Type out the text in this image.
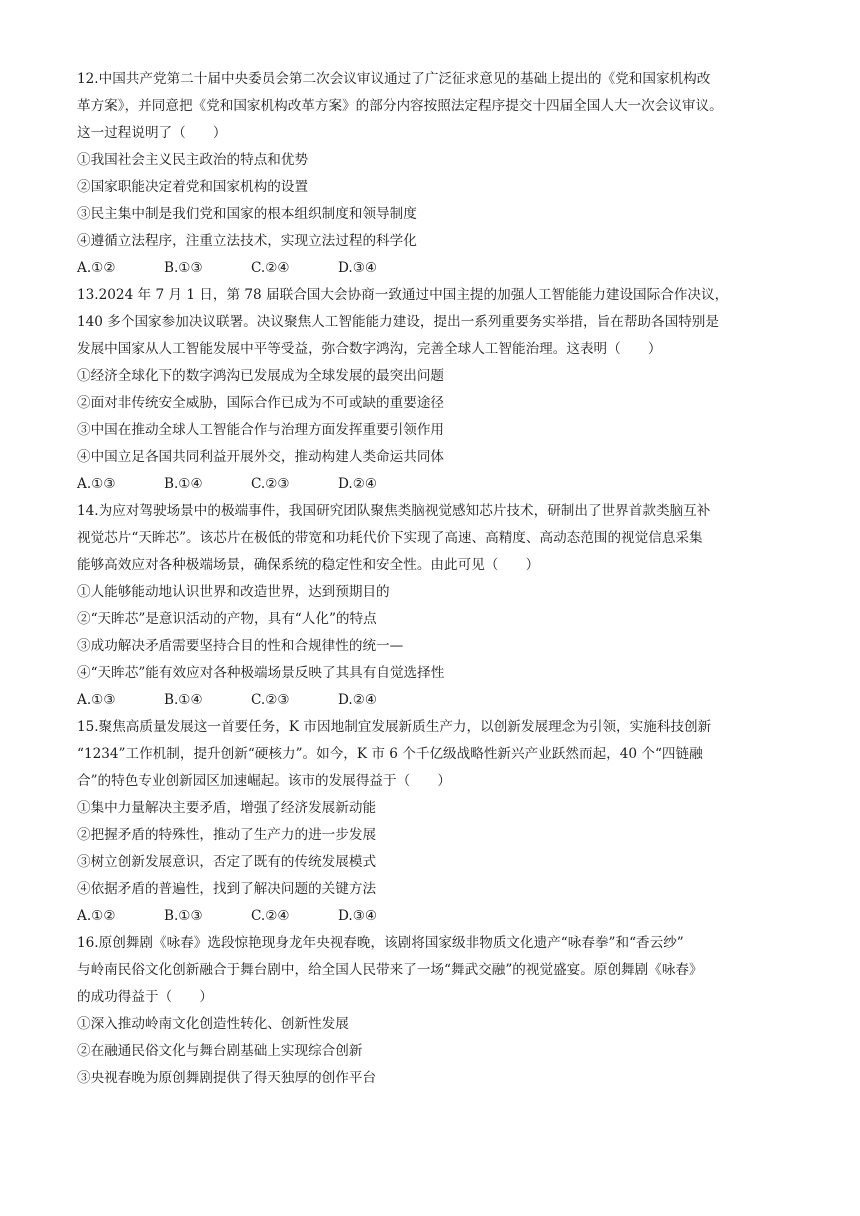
12.中国共产党第二十届中央委员会第二次会议审议通过了广泛征求意见的基础上提出的《党和国家机构改
革方案》，并同意把《党和国家机构改革方案》的部分内容按照法定程序提交十四届全国人大一次会议审议。
这一过程说明了（　　）
①我国社会主义民主政治的特点和优势
②国家职能决定着党和国家机构的设置
③民主集中制是我们党和国家的根本组织制度和领导制度
④遵循立法程序，注重立法技术，实现立法过程的科学化
A.①②	B.①③	C.②④	D.③④
13.2024 年 7 月 1 日，第 78 届联合国大会协商一致通过中国主提的加强人工智能能力建设国际合作决议，
140 多个国家参加决议联署。决议聚焦人工智能能力建设，提出一系列重要务实举措，旨在帮助各国特别是
发展中国家从人工智能发展中平等受益，弥合数字鸿沟，完善全球人工智能治理。这表明（　　）
①经济全球化下的数字鸿沟已发展成为全球发展的最突出问题
②面对非传统安全威胁，国际合作已成为不可或缺的重要途径
③中国在推动全球人工智能合作与治理方面发挥重要引领作用
④中国立足各国共同利益开展外交，推动构建人类命运共同体
A.①③	B.①④	C.②③	D.②④
14.为应对驾驶场景中的极端事件，我国研究团队聚焦类脑视觉感知芯片技术，研制出了世界首款类脑互补
视觉芯片“天眸芯”。该芯片在极低的带宽和功耗代价下实现了高速、高精度、高动态范围的视觉信息采集
能够高效应对各种极端场景，确保系统的稳定性和安全性。由此可见（　　）
①人能够能动地认识世界和改造世界，达到预期目的
②“天眸芯”是意识活动的产物，具有“人化”的特点
③成功解决矛盾需要坚持合目的性和合规律性的统一—
④“天眸芯”能有效应对各种极端场景反映了其具有自觉选择性
A.①③	B.①④	C.②③	D.②④
15.聚焦高质量发展这一首要任务，K 市因地制宜发展新质生产力，以创新发展理念为引领，实施科技创新
“1234”工作机制，提升创新“硬核力”。如今，K 市 6 个千亿级战略性新兴产业跃然而起，40 个“四链融
合”的特色专业创新园区加速崛起。该市的发展得益于（　　）
①集中力量解决主要矛盾，增强了经济发展新动能
②把握矛盾的特殊性，推动了生产力的进一步发展
③树立创新发展意识，否定了既有的传统发展模式
④依据矛盾的普遍性，找到了解决问题的关键方法
A.①②	B.①③	C.②④	D.③④
16.原创舞剧《咏春》选段惊艳现身龙年央视春晚，该剧将国家级非物质文化遗产“咏春拳”和“香云纱”
与岭南民俗文化创新融合于舞台剧中，给全国人民带来了一场“舞武交融”的视觉盛宴。原创舞剧《咏春》
的成功得益于（　　）
①深入推动岭南文化创造性转化、创新性发展
②在融通民俗文化与舞台剧基础上实现综合创新
③央视春晚为原创舞剧提供了得天独厚的创作平台
